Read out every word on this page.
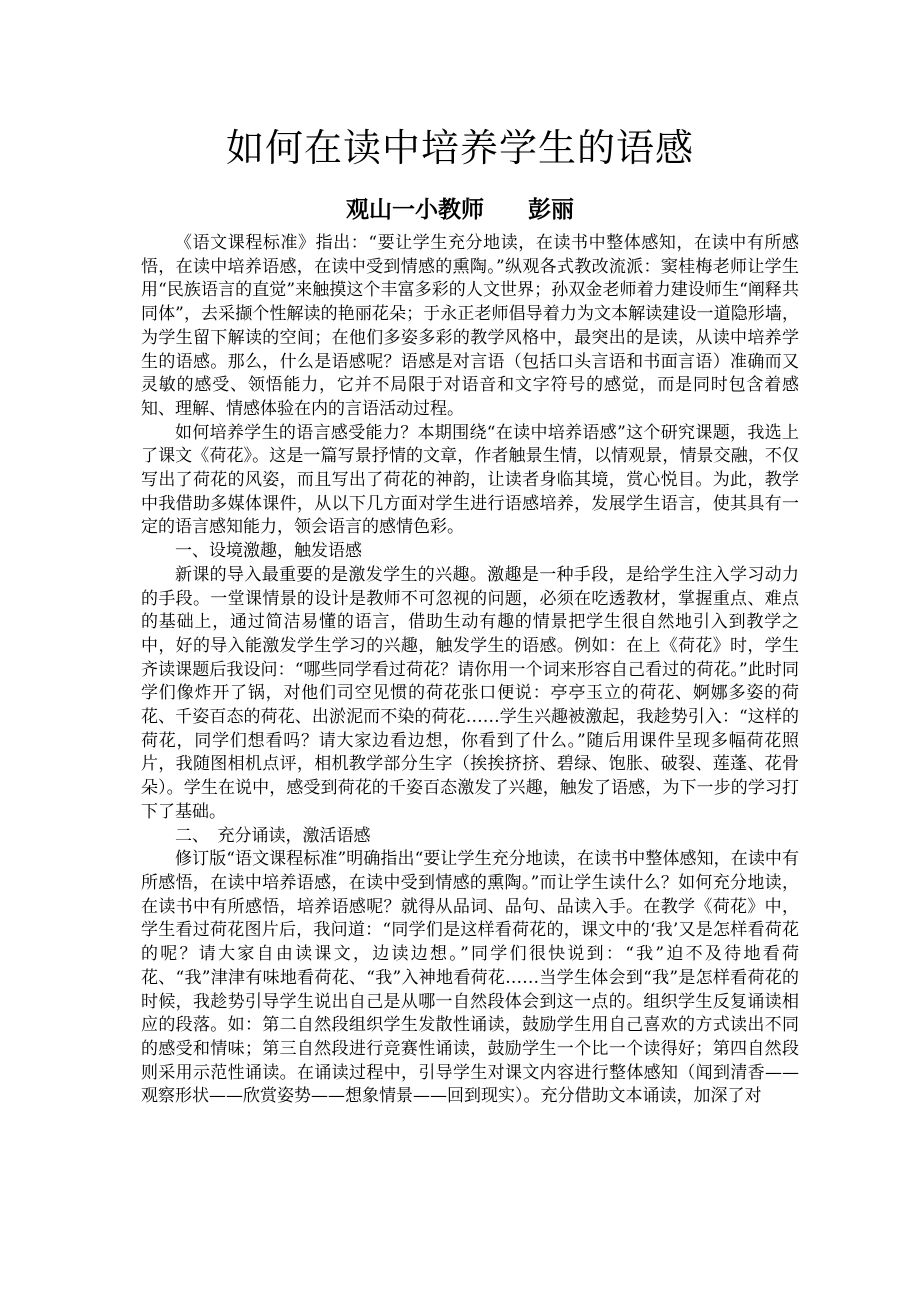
如何在读中培养学生的语感
观山一小教师 彭丽

《语文课程标准》指出：“要让学生充分地读，在读书中整体感知，在读中有所感悟，在读中培养语感，在读中受到情感的熏陶。”纵观各式教改流派：窦桂梅老师让学生用“民族语言的直觉”来触摸这个丰富多彩的人文世界；孙双金老师着力建设师生“阐释共同体”，去采撷个性解读的艳丽花朵；于永正老师倡导着力为文本解读建设一道隐形墙，为学生留下解读的空间；在他们多姿多彩的教学风格中，最突出的是读，从读中培养学生的语感。那么，什么是语感呢？语感是对言语（包括口头言语和书面言语）准确而又灵敏的感受、领悟能力，它并不局限于对语音和文字符号的感觉，而是同时包含着感知、理解、情感体验在内的言语活动过程。

如何培养学生的语言感受能力？本期围绕“在读中培养语感”这个研究课题，我选上了课文《荷花》。这是一篇写景抒情的文章，作者触景生情，以情观景，情景交融，不仅写出了荷花的风姿，而且写出了荷花的神韵，让读者身临其境，赏心悦目。为此，教学中我借助多媒体课件，从以下几方面对学生进行语感培养，发展学生语言，使其具有一定的语言感知能力，领会语言的感情色彩。

一、设境激趣，触发语感

新课的导入最重要的是激发学生的兴趣。激趣是一种手段，是给学生注入学习动力的手段。一堂课情景的设计是教师不可忽视的问题，必须在吃透教材，掌握重点、难点的基础上，通过简洁易懂的语言，借助生动有趣的情景把学生很自然地引入到教学之中，好的导入能激发学生学习的兴趣，触发学生的语感。例如：在上《荷花》时，学生齐读课题后我设问：“哪些同学看过荷花？请你用一个词来形容自己看过的荷花。”此时同学们像炸开了锅，对他们司空见惯的荷花张口便说：亭亭玉立的荷花、婀娜多姿的荷花、千姿百态的荷花、出淤泥而不染的荷花……学生兴趣被激起，我趁势引入：“这样的荷花，同学们想看吗？请大家边看边想，你看到了什么。”随后用课件呈现多幅荷花照片，我随图相机点评，相机教学部分生字（挨挨挤挤、碧绿、饱胀、破裂、莲蓬、花骨朵）。学生在说中，感受到荷花的千姿百态激发了兴趣，触发了语感，为下一步的学习打下了基础。

二、　充分诵读，激活语感

修订版“语文课程标准”明确指出“要让学生充分地读，在读书中整体感知，在读中有所感悟，在读中培养语感，在读中受到情感的熏陶。”而让学生读什么？如何充分地读，在读书中有所感悟，培养语感呢？就得从品词、品句、品读入手。在教学《荷花》中，学生看过荷花图片后，我问道：“同学们是这样看荷花的，课文中的‘我’又是怎样看荷花的呢？请大家自由读课文，边读边想。”同学们很快说到：“我”迫不及待地看荷花、“我”津津有味地看荷花、“我”入神地看荷花……当学生体会到“我”是怎样看荷花的时候，我趁势引导学生说出自己是从哪一自然段体会到这一点的。组织学生反复诵读相应的段落。如：第二自然段组织学生发散性诵读，鼓励学生用自己喜欢的方式读出不同的感受和情味；第三自然段进行竞赛性诵读，鼓励学生一个比一个读得好；第四自然段则采用示范性诵读。在诵读过程中，引导学生对课文内容进行整体感知（闻到清香——观察形状——欣赏姿势——想象情景——回到现实）。充分借助文本诵读，加深了对
